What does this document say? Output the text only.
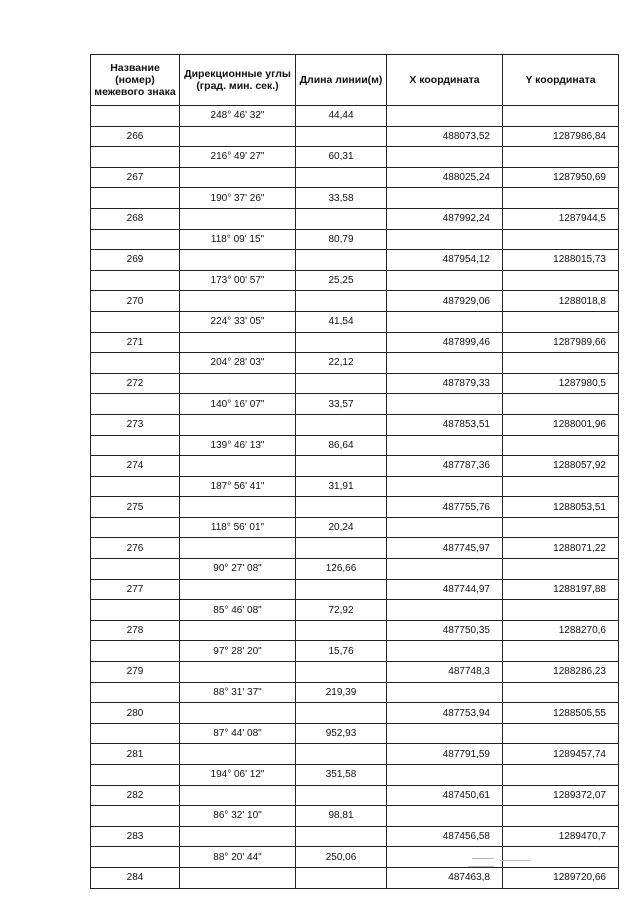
Название (номер) межевого знака	Дирекционные углы (град. мин. сек.)	Длина линии(м)	X координата	Y координата
	248° 46' 32"	44,44		
266			488073,52	1287986,84
	216° 49' 27"	60,31		
267			488025,24	1287950,69
	190° 37' 26"	33,58		
268			487992,24	1287944,5
	118° 09' 15"	80,79		
269			487954,12	1288015,73
	173° 00' 57"	25,25		
270			487929,06	1288018,8
	224° 33' 05"	41,54		
271			487899,46	1287989,66
	204° 28' 03"	22,12		
272			487879,33	1287980,5
	140° 16' 07"	33,57		
273			487853,51	1288001,96
	139° 46' 13"	86,64		
274			487787,36	1288057,92
	187° 56' 41"	31,91		
275			487755,76	1288053,51
	118° 56' 01"	20,24		
276			487745,97	1288071,22
	90° 27' 08"	126,66		
277			487744,97	1288197,88
	85° 46' 08"	72,92		
278			487750,35	1288270,6
	97° 28' 20"	15,76		
279			487748,3	1288286,23
	88° 31' 37"	219,39		
280			487753,94	1288505,55
	87° 44' 08"	952,93		
281			487791,59	1289457,74
	194° 06' 12"	351,58		
282			487450,61	1289372,07
	86° 32' 10"	98,81		
283			487456,58	1289470,7
	88° 20' 44"	250,06		
284			487463,8	1289720,66
